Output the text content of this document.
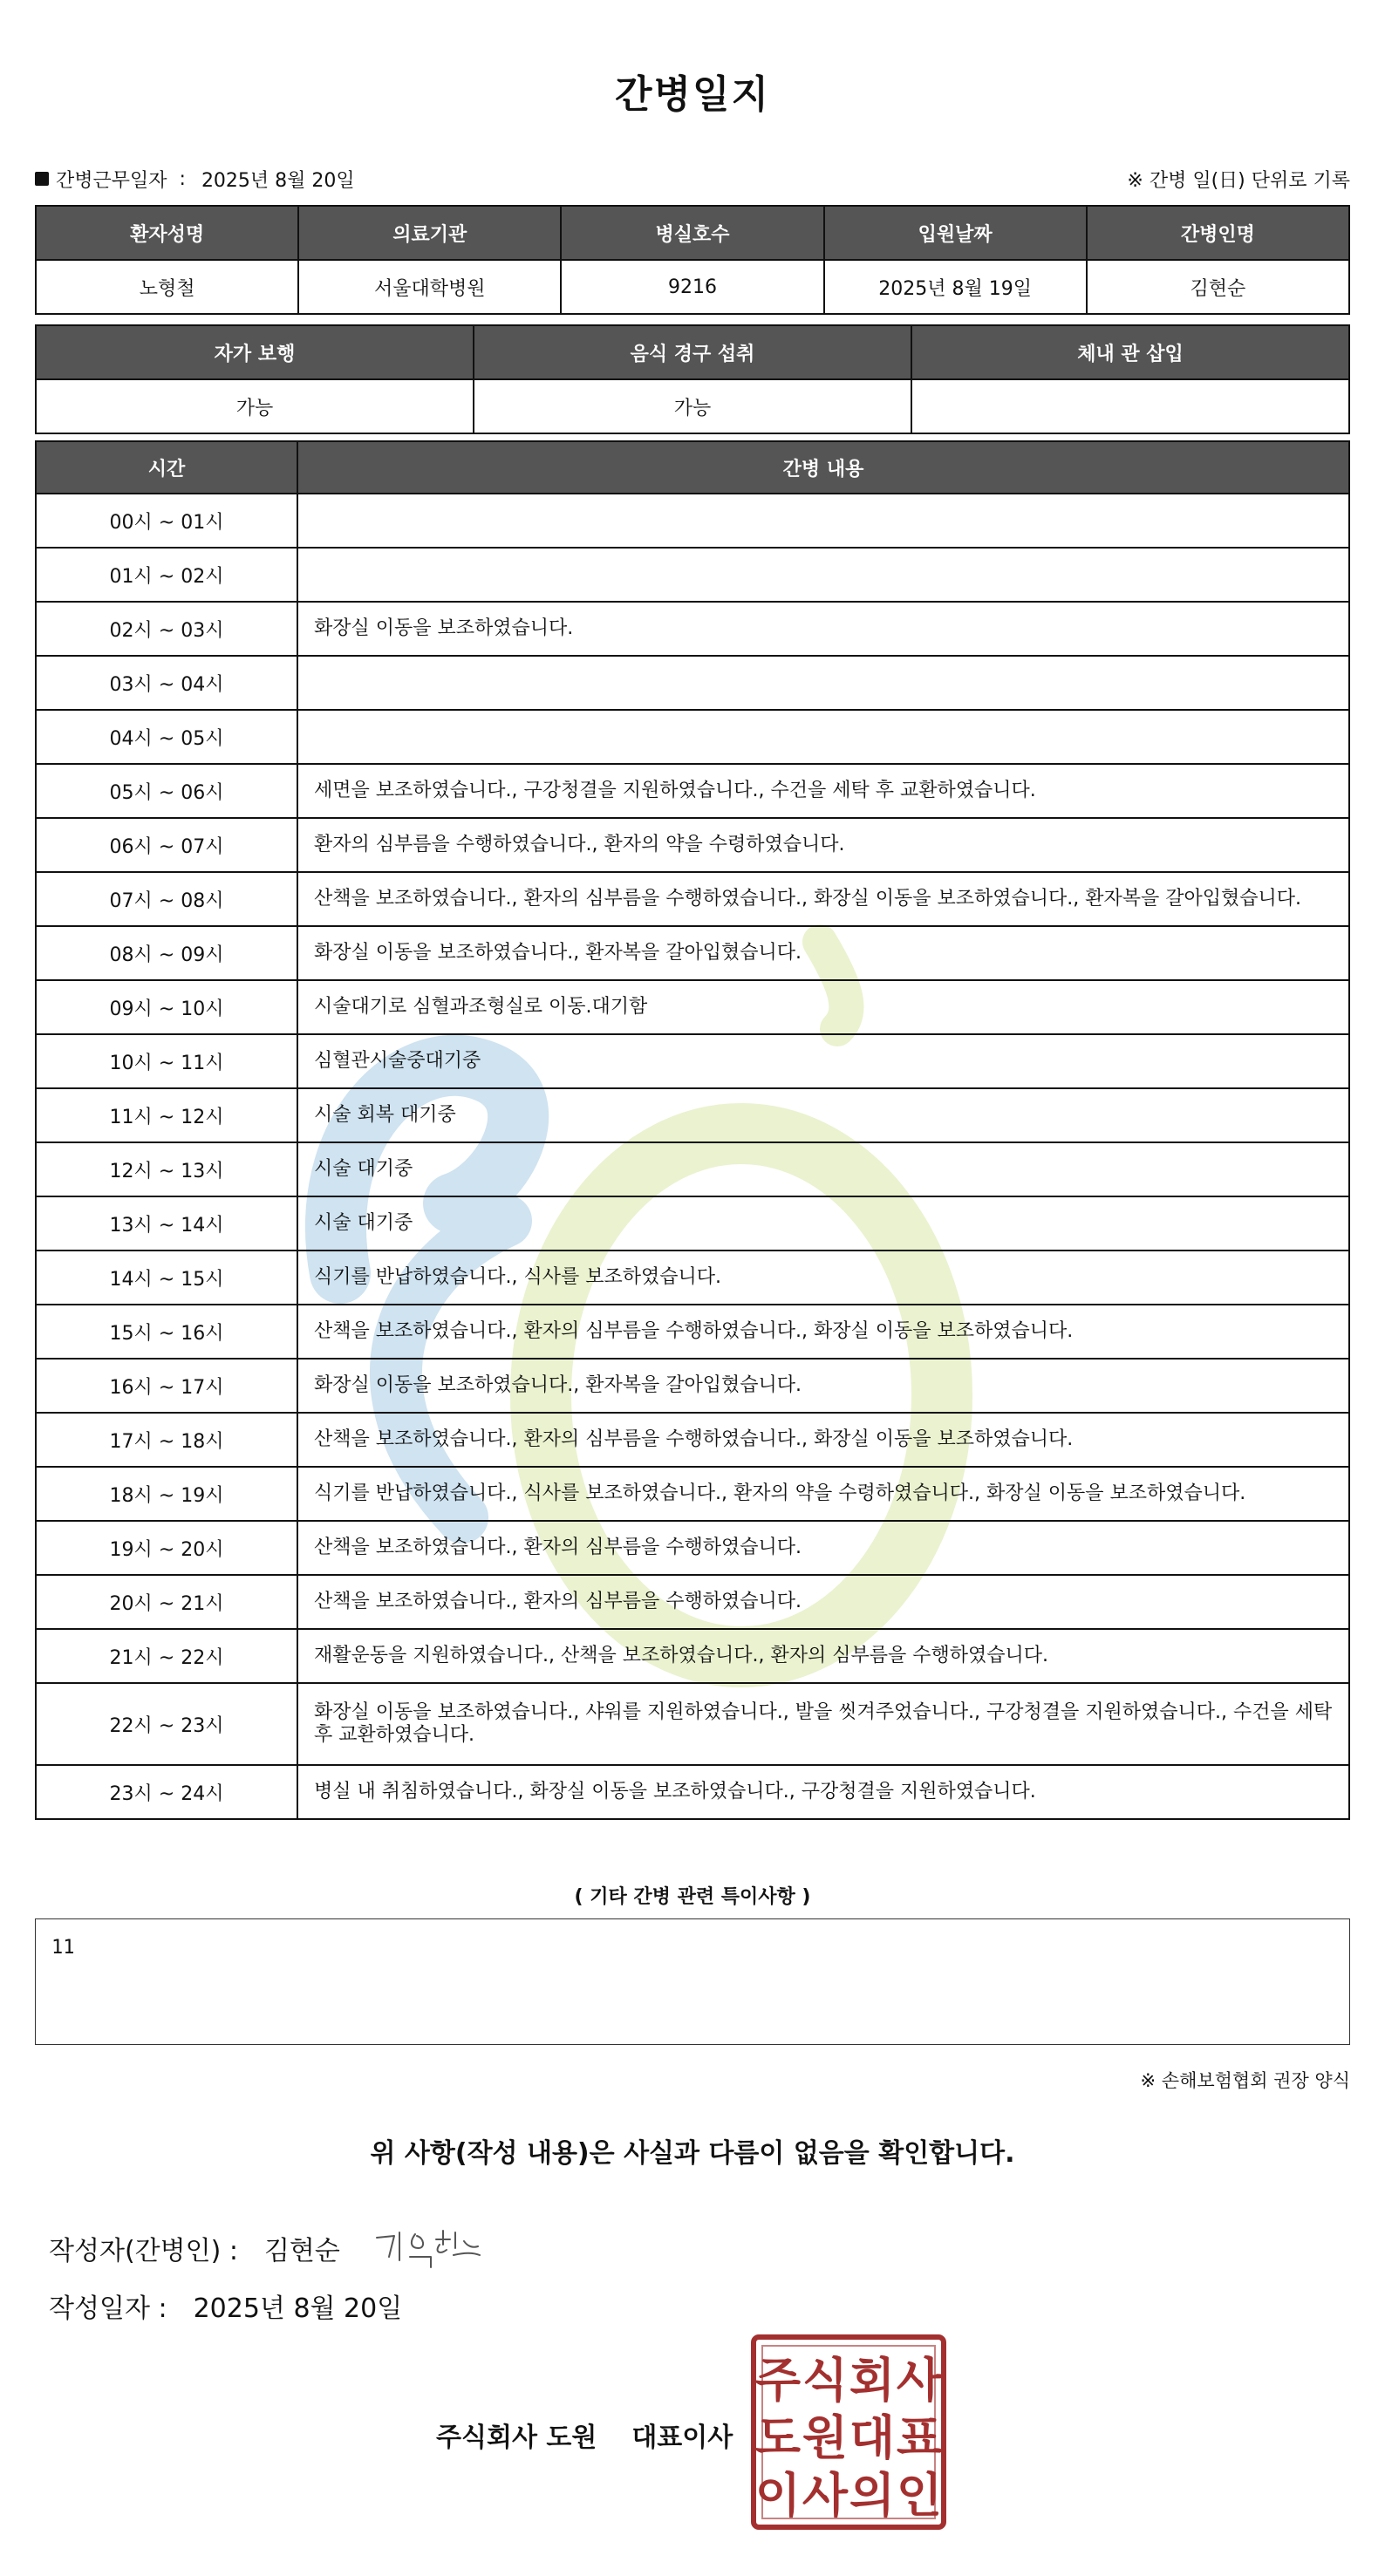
간병일지
간병근무일자 : 2025년 8월 20일	※ 간병 일(日) 단위로 기록
환자성명	의료기관	병실호수	입원날짜	간병인명
노형철	서울대학병원	9216	2025년 8월 19일	김현순
자가 보행	음식 경구 섭취	체내 관 삽입
가능	가능	
시간	간병 내용
00시 ~ 01시	
01시 ~ 02시	
02시 ~ 03시	화장실 이동을 보조하였습니다.
03시 ~ 04시	
04시 ~ 05시	
05시 ~ 06시	세면을 보조하였습니다., 구강청결을 지원하였습니다., 수건을 세탁 후 교환하였습니다.
06시 ~ 07시	환자의 심부름을 수행하였습니다., 환자의 약을 수령하였습니다.
07시 ~ 08시	산책을 보조하였습니다., 환자의 심부름을 수행하였습니다., 화장실 이동을 보조하였습니다., 환자복을 갈아입혔습니다.
08시 ~ 09시	화장실 이동을 보조하였습니다., 환자복을 갈아입혔습니다.
09시 ~ 10시	시술대기로 심혈과조형실로 이동.대기함
10시 ~ 11시	심혈관시술중대기중
11시 ~ 12시	시술 회복 대기중
12시 ~ 13시	시술 대기중
13시 ~ 14시	시술 대기중
14시 ~ 15시	식기를 반납하였습니다., 식사를 보조하였습니다.
15시 ~ 16시	산책을 보조하였습니다., 환자의 심부름을 수행하였습니다., 화장실 이동을 보조하였습니다.
16시 ~ 17시	화장실 이동을 보조하였습니다., 환자복을 갈아입혔습니다.
17시 ~ 18시	산책을 보조하였습니다., 환자의 심부름을 수행하였습니다., 화장실 이동을 보조하였습니다.
18시 ~ 19시	식기를 반납하였습니다., 식사를 보조하였습니다., 환자의 약을 수령하였습니다., 화장실 이동을 보조하였습니다.
19시 ~ 20시	산책을 보조하였습니다., 환자의 심부름을 수행하였습니다.
20시 ~ 21시	산책을 보조하였습니다., 환자의 심부름을 수행하였습니다.
21시 ~ 22시	재활운동을 지원하였습니다., 산책을 보조하였습니다., 환자의 심부름을 수행하였습니다.
22시 ~ 23시	화장실 이동을 보조하였습니다., 샤워를 지원하였습니다., 발을 씻겨주었습니다., 구강청결을 지원하였습니다., 수건을 세탁 후 교환하였습니다.
23시 ~ 24시	병실 내 취침하였습니다., 화장실 이동을 보조하였습니다., 구강청결을 지원하였습니다.
( 기타 간병 관련 특이사항 )
11
※ 손해보험협회 권장 양식
위 사항(작성 내용)은 사실과 다름이 없음을 확인합니다.
작성자(간병인) : 김현순
작성일자 : 2025년 8월 20일
주식회사 도원 대표이사
주 식 회 사
도 원 대 표
이 사 의 인
